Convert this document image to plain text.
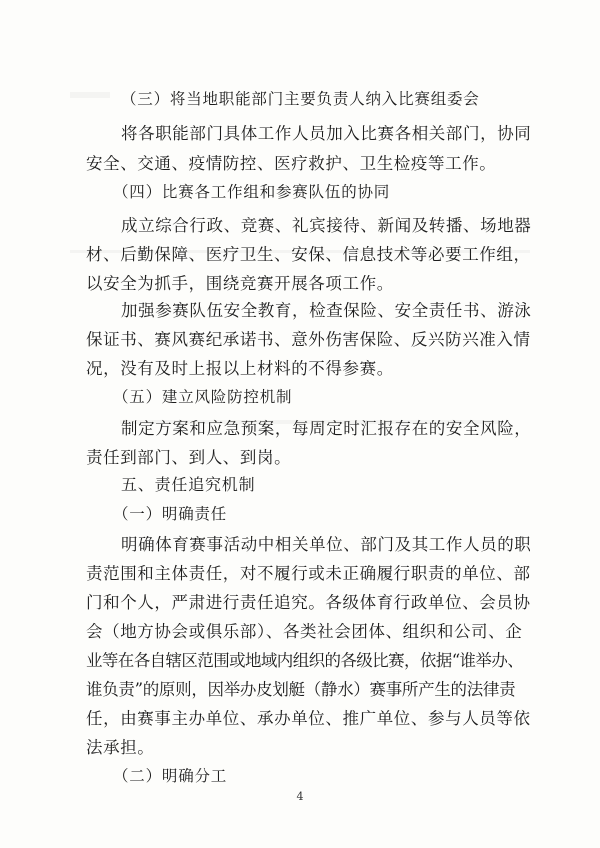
（三）将当地职能部门主要负责人纳入比赛组委会
将各职能部门具体工作人员加入比赛各相关部门，协同
安全、交通、疫情防控、医疗救护、卫生检疫等工作。
（四）比赛各工作组和参赛队伍的协同
成立综合行政、竞赛、礼宾接待、新闻及转播、场地器
材、后勤保障、医疗卫生、安保、信息技术等必要工作组，
以安全为抓手，围绕竞赛开展各项工作。
加强参赛队伍安全教育，检查保险、安全责任书、游泳
保证书、赛风赛纪承诺书、意外伤害保险、反兴防兴准入情
况，没有及时上报以上材料的不得参赛。
（五）建立风险防控机制
制定方案和应急预案，每周定时汇报存在的安全风险，
责任到部门、到人、到岗。
五、责任追究机制
（一）明确责任
明确体育赛事活动中相关单位、部门及其工作人员的职
责范围和主体责任，对不履行或未正确履行职责的单位、部
门和个人，严肃进行责任追究。各级体育行政单位、会员协
会（地方协会或俱乐部）、各类社会团体、组织和公司、企
业等在各自辖区范围或地域内组织的各级比赛，依据“谁举办、
谁负责”的原则，因举办皮划艇（静水）赛事所产生的法律责
任，由赛事主办单位、承办单位、推广单位、参与人员等依
法承担。
（二）明确分工
4
